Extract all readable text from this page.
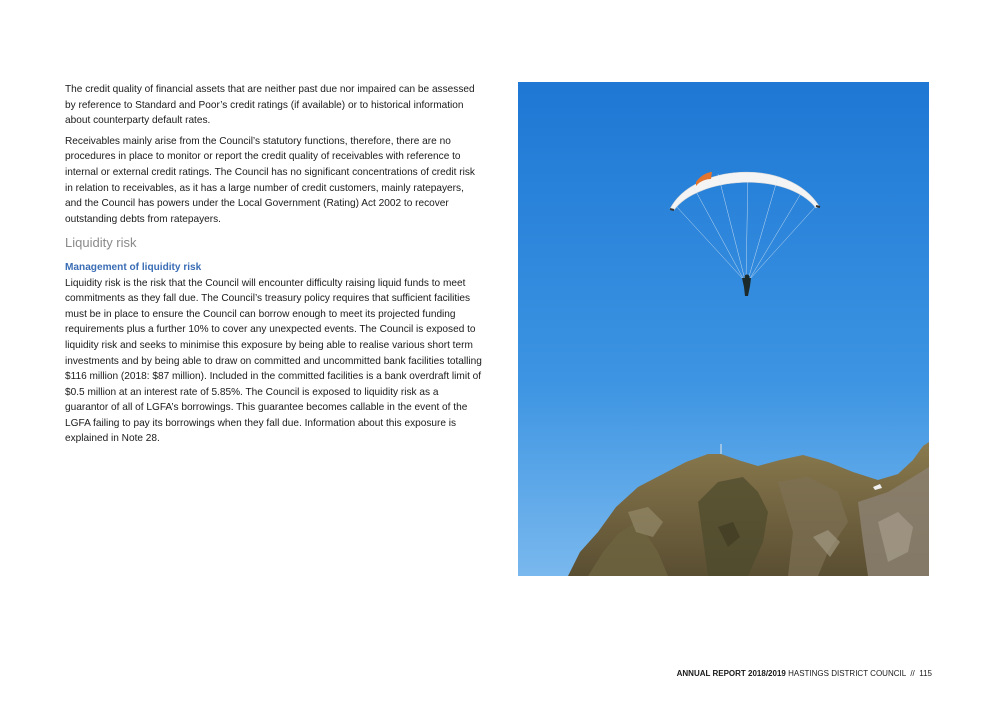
The credit quality of financial assets that are neither past due nor impaired can be assessed by reference to Standard and Poor’s credit ratings (if available) or to historical information about counterparty default rates.

Receivables mainly arise from the Council’s statutory functions, therefore, there are no procedures in place to monitor or report the credit quality of receivables with reference to internal or external credit ratings. The Council has no significant concentrations of credit risk in relation to receivables, as it has a large number of credit customers, mainly ratepayers, and the Council has powers under the Local Government (Rating) Act 2002 to recover outstanding debts from ratepayers.

Liquidity risk
Management of liquidity risk

Liquidity risk is the risk that the Council will encounter difficulty raising liquid funds to meet commitments as they fall due. The Council’s treasury policy requires that sufficient facilities must be in place to ensure the Council can borrow enough to meet its projected funding requirements plus a further 10% to cover any unexpected events. The Council is exposed to liquidity risk and seeks to minimise this exposure by being able to realise various short term investments and by being able to draw on committed and uncommitted bank facilities totalling $116 million (2018: $87 million). Included in the committed facilities is a bank overdraft limit of $0.5 million at an interest rate of 5.85%. The Council is exposed to liquidity risk as a guarantor of all of LGFA’s borrowings. This guarantee becomes callable in the event of the LGFA failing to pay its borrowings when they fall due. Information about this exposure is explained in Note 28.

ANNUAL REPORT 2018/2019 HASTINGS DISTRICT COUNCIL // 115
